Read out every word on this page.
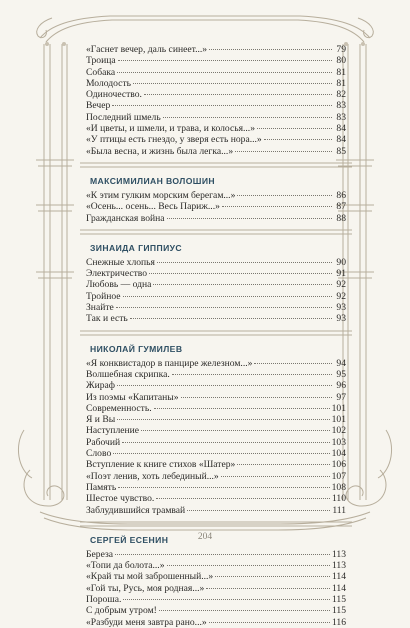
«Гаснет вечер, даль синеет...»	79
Троица	80
Собака	81
Молодость	81
Одиночество.	82
Вечер	83
Последний шмель	83
«И цветы, и шмели, и трава, и колосья...»	84
«У птицы есть гнездо, у зверя есть нора...»	84
«Была весна, и жизнь была легка...»	85
МАКСИМИЛИАН ВОЛОШИН
«К этим гулким морским берегам...»	86
«Осень... осень... Весь Париж...»	87
Гражданская война	88
ЗИНАИДА ГИППИУС
Снежные хлопья	90
Электричество	91
Любовь — одна	92
Тройное	92
Знайте	93
Так и есть	93
НИКОЛАЙ ГУМИЛЕВ
«Я конквистадор в панцире железном...»	94
Волшебная скрипка.	95
Жираф	96
Из поэмы «Капитаны»	97
Современность.	101
Я и Вы	101
Наступление	102
Рабочий	103
Слово	104
Вступление к книге стихов «Шатер»	106
«Поэт ленив, хоть лебединый...»	107
Память	108
Шестое чувство.	110
Заблудившийся трамвай	111
СЕРГЕЙ ЕСЕНИН
Береза	113
«Топи да болота...»	113
«Край ты мой заброшенный...»	114
«Гой ты, Русь, моя родная...»	114
Пороша.	115
С добрым утром!	115
«Разбуди меня завтра рано...»	116
204
